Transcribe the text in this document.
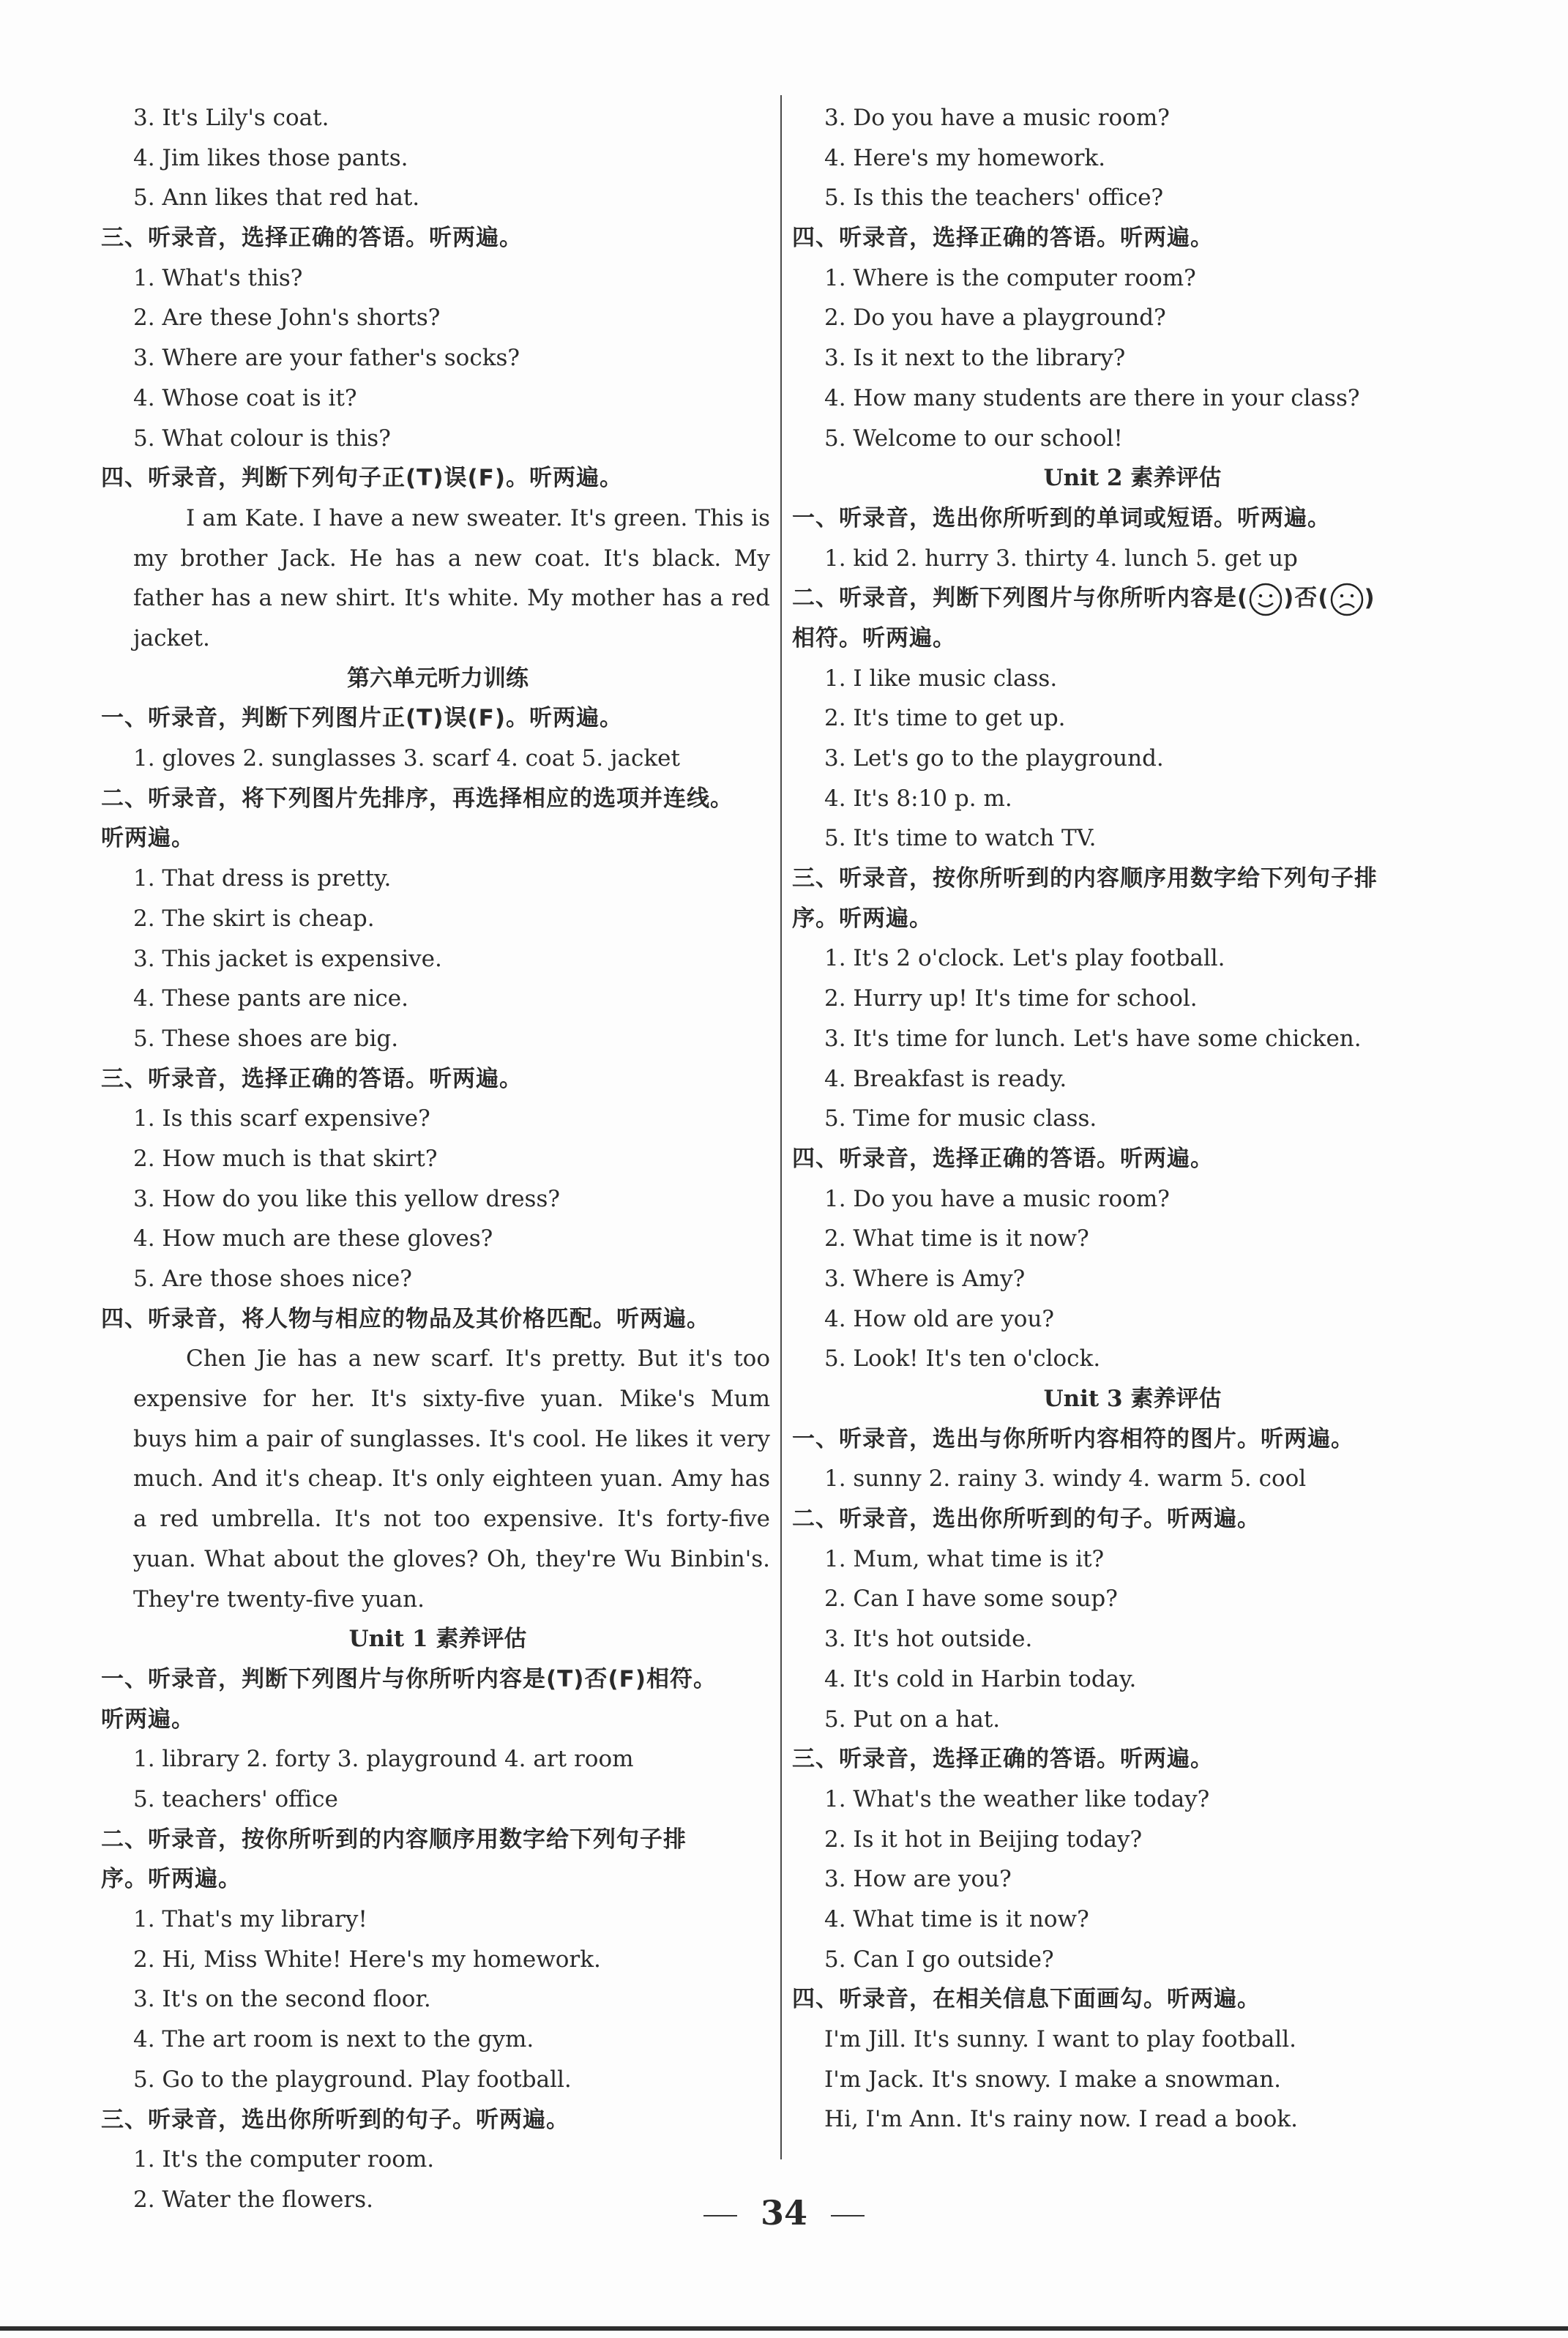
3. It's Lily's coat.
4. Jim likes those pants.
5. Ann likes that red hat.
三、听录音，选择正确的答语。听两遍。
1. What's this?
2. Are these John's shorts?
3. Where are your father's socks?
4. Whose coat is it?
5. What colour is this?
四、听录音，判断下列句子正(T)误(F)。听两遍。
I am Kate. I have a new sweater. It's green. This is my brother Jack. He has a new coat. It's black. My father has a new shirt. It's white. My mother has a red jacket.
第六单元听力训练
一、听录音，判断下列图片正(T)误(F)。听两遍。
1. gloves 2. sunglasses 3. scarf 4. coat 5. jacket
二、听录音，将下列图片先排序，再选择相应的选项并连线。
听两遍。
1. That dress is pretty.
2. The skirt is cheap.
3. This jacket is expensive.
4. These pants are nice.
5. These shoes are big.
三、听录音，选择正确的答语。听两遍。
1. Is this scarf expensive?
2. How much is that skirt?
3. How do you like this yellow dress?
4. How much are these gloves?
5. Are those shoes nice?
四、听录音，将人物与相应的物品及其价格匹配。听两遍。
Chen Jie has a new scarf. It's pretty. But it's too expensive for her. It's sixty-five yuan. Mike's Mum buys him a pair of sunglasses. It's cool. He likes it very much. And it's cheap. It's only eighteen yuan. Amy has a red umbrella. It's not too expensive. It's forty-five yuan. What about the gloves? Oh, they're Wu Binbin's. They're twenty-five yuan.
Unit 1 素养评估
一、听录音，判断下列图片与你所听内容是(T)否(F)相符。
听两遍。
1. library 2. forty 3. playground 4. art room
5. teachers' office
二、听录音，按你所听到的内容顺序用数字给下列句子排
序。听两遍。
1. That's my library!
2. Hi, Miss White! Here's my homework.
3. It's on the second floor.
4. The art room is next to the gym.
5. Go to the playground. Play football.
三、听录音，选出你所听到的句子。听两遍。
1. It's the computer room.
2. Water the flowers.
3. Do you have a music room?
4. Here's my homework.
5. Is this the teachers' office?
四、听录音，选择正确的答语。听两遍。
1. Where is the computer room?
2. Do you have a playground?
3. Is it next to the library?
4. How many students are there in your class?
5. Welcome to our school!
Unit 2 素养评估
一、听录音，选出你所听到的单词或短语。听两遍。
1. kid 2. hurry 3. thirty 4. lunch 5. get up
二、听录音，判断下列图片与你所听内容是( )否( )
相符。听两遍。
1. I like music class.
2. It's time to get up.
3. Let's go to the playground.
4. It's 8:10 p. m.
5. It's time to watch TV.
三、听录音，按你所听到的内容顺序用数字给下列句子排
序。听两遍。
1. It's 2 o'clock. Let's play football.
2. Hurry up! It's time for school.
3. It's time for lunch. Let's have some chicken.
4. Breakfast is ready.
5. Time for music class.
四、听录音，选择正确的答语。听两遍。
1. Do you have a music room?
2. What time is it now?
3. Where is Amy?
4. How old are you?
5. Look! It's ten o'clock.
Unit 3 素养评估
一、听录音，选出与你所听内容相符的图片。听两遍。
1. sunny 2. rainy 3. windy 4. warm 5. cool
二、听录音，选出你所听到的句子。听两遍。
1. Mum, what time is it?
2. Can I have some soup?
3. It's hot outside.
4. It's cold in Harbin today.
5. Put on a hat.
三、听录音，选择正确的答语。听两遍。
1. What's the weather like today?
2. Is it hot in Beijing today?
3. How are you?
4. What time is it now?
5. Can I go outside?
四、听录音，在相关信息下面画勾。听两遍。
I'm Jill. It's sunny. I want to play football.
I'm Jack. It's snowy. I make a snowman.
Hi, I'm Ann. It's rainy now. I read a book.
34
